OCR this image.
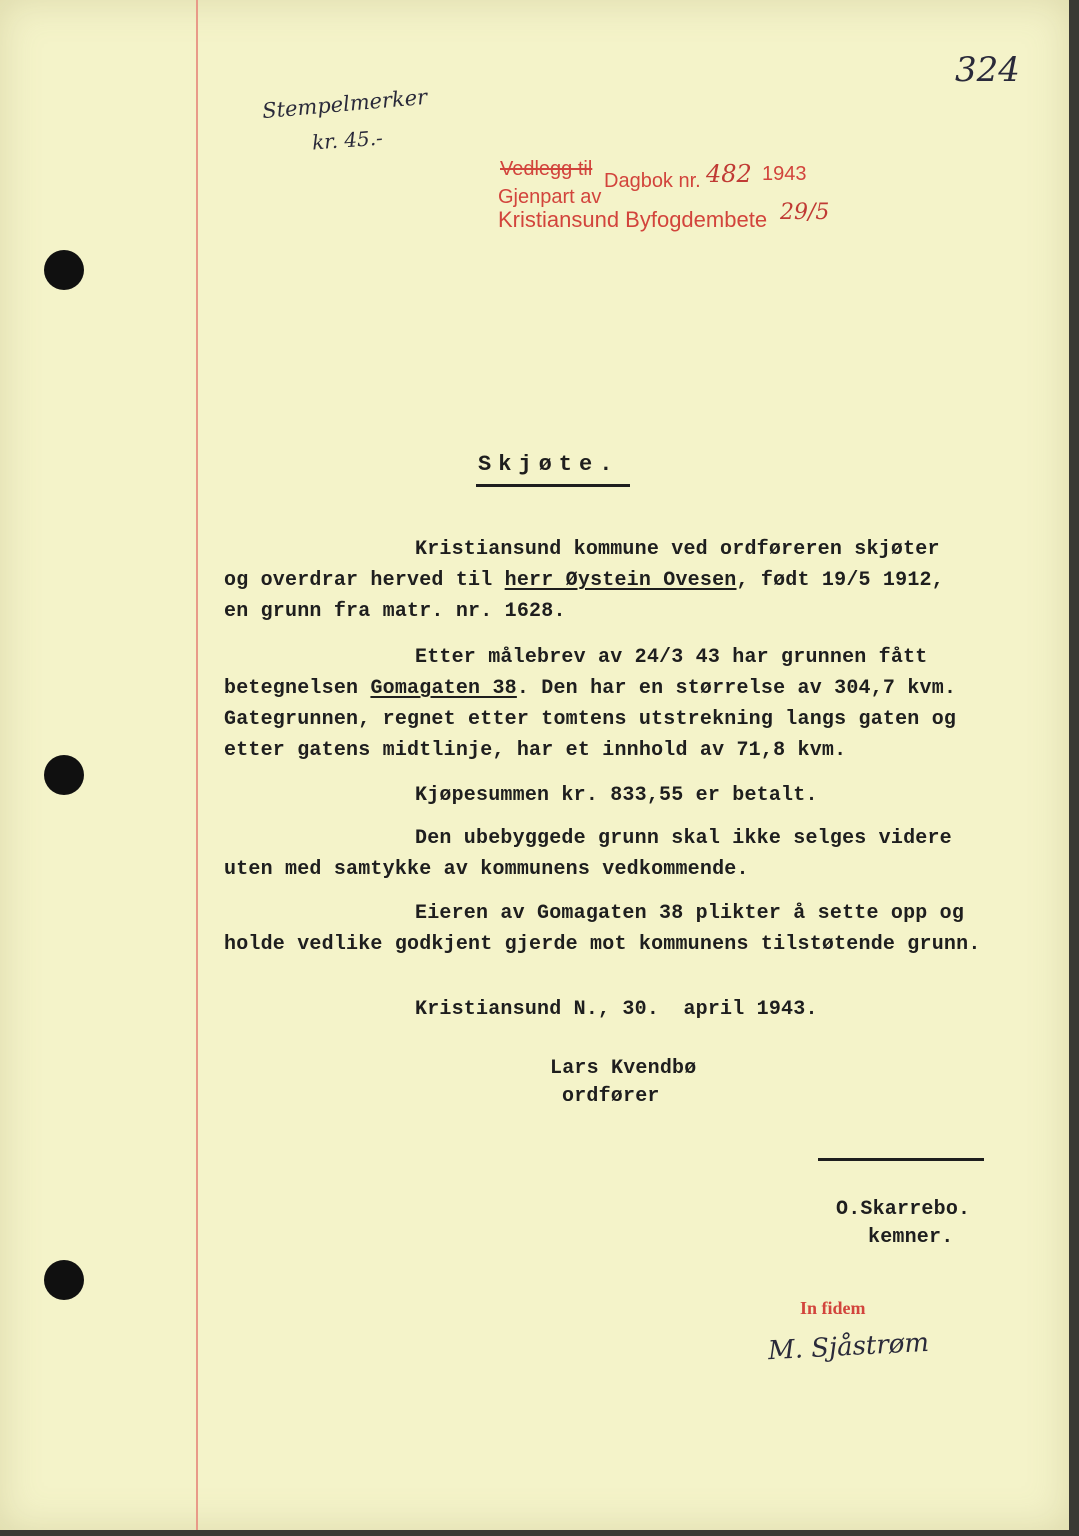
324
Stempelmerker
kr. 45.-
Vedlegg til
Dagbok nr. 482 1943
Gjenpart av
Kristiansund Byfogdembete 29/5
Skjøte.
Kristiansund kommune ved ordføreren skjøter
og overdrar herved til herr Øystein Ovesen, født 19/5 1912,
en grunn fra matr. nr. 1628.
Etter målebrev av 24/3 43 har grunnen fått
betegnelsen Gomagaten 38. Den har en størrelse av 304,7 kvm.
Gategrunnen, regnet etter tomtens utstrekning langs gaten og
etter gatens midtlinje, har et innhold av 71,8 kvm.
Kjøpesummen kr. 833,55 er betalt.
Den ubebyggede grunn skal ikke selges videre
uten med samtykke av kommunens vedkommende.
Eieren av Gomagaten 38 plikter å sette opp og
holde vedlike godkjent gjerde mot kommunens tilstøtende grunn.
Kristiansund N., 30.  april 1943.
Lars Kvendbø
ordfører
O.Skarrebo.
kemner.
In fidem
M. Sjåstrøm
